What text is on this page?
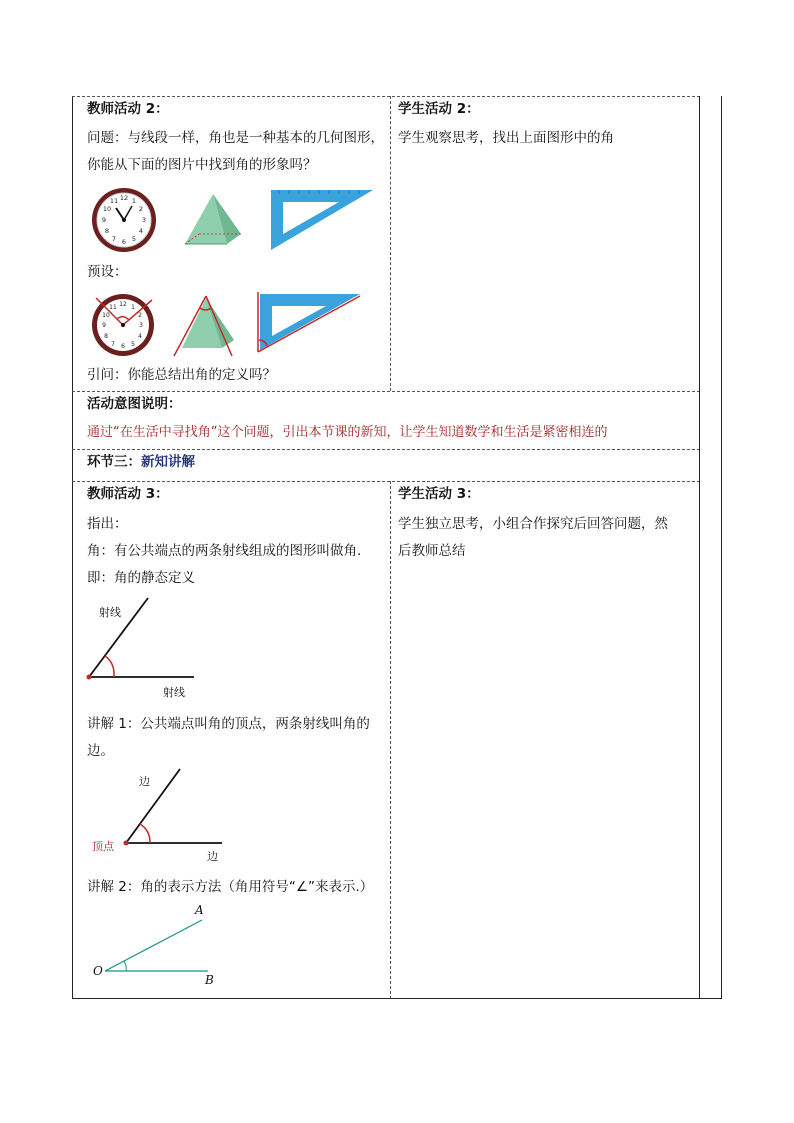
教师活动 2：
问题：与线段一样，角也是一种基本的几何图形，
你能从下面的图片中找到角的形象吗？
12 1
2
3
4
5
6
7
8
9
10
11
预设：
12
3
6
9
1
11
2
10
4
8
5
7
引问：你能总结出角的定义吗？
学生活动 2：
学生观察思考，找出上面图形中的角
活动意图说明：
通过“在生活中寻找角”这个问题，引出本节课的新知，让学生知道数学和生活是紧密相连的
环节三：新知讲解
教师活动 3：
指出：
角：有公共端点的两条射线组成的图形叫做角.
即：角的静态定义
射线
射线
讲解 1：公共端点叫角的顶点，两条射线叫角的
边。
边
边
顶点
讲解 2：角的表示方法（角用符号“∠”来表示.）
A
O
B
学生活动 3：
学生独立思考，小组合作探究后回答问题，然
后教师总结
